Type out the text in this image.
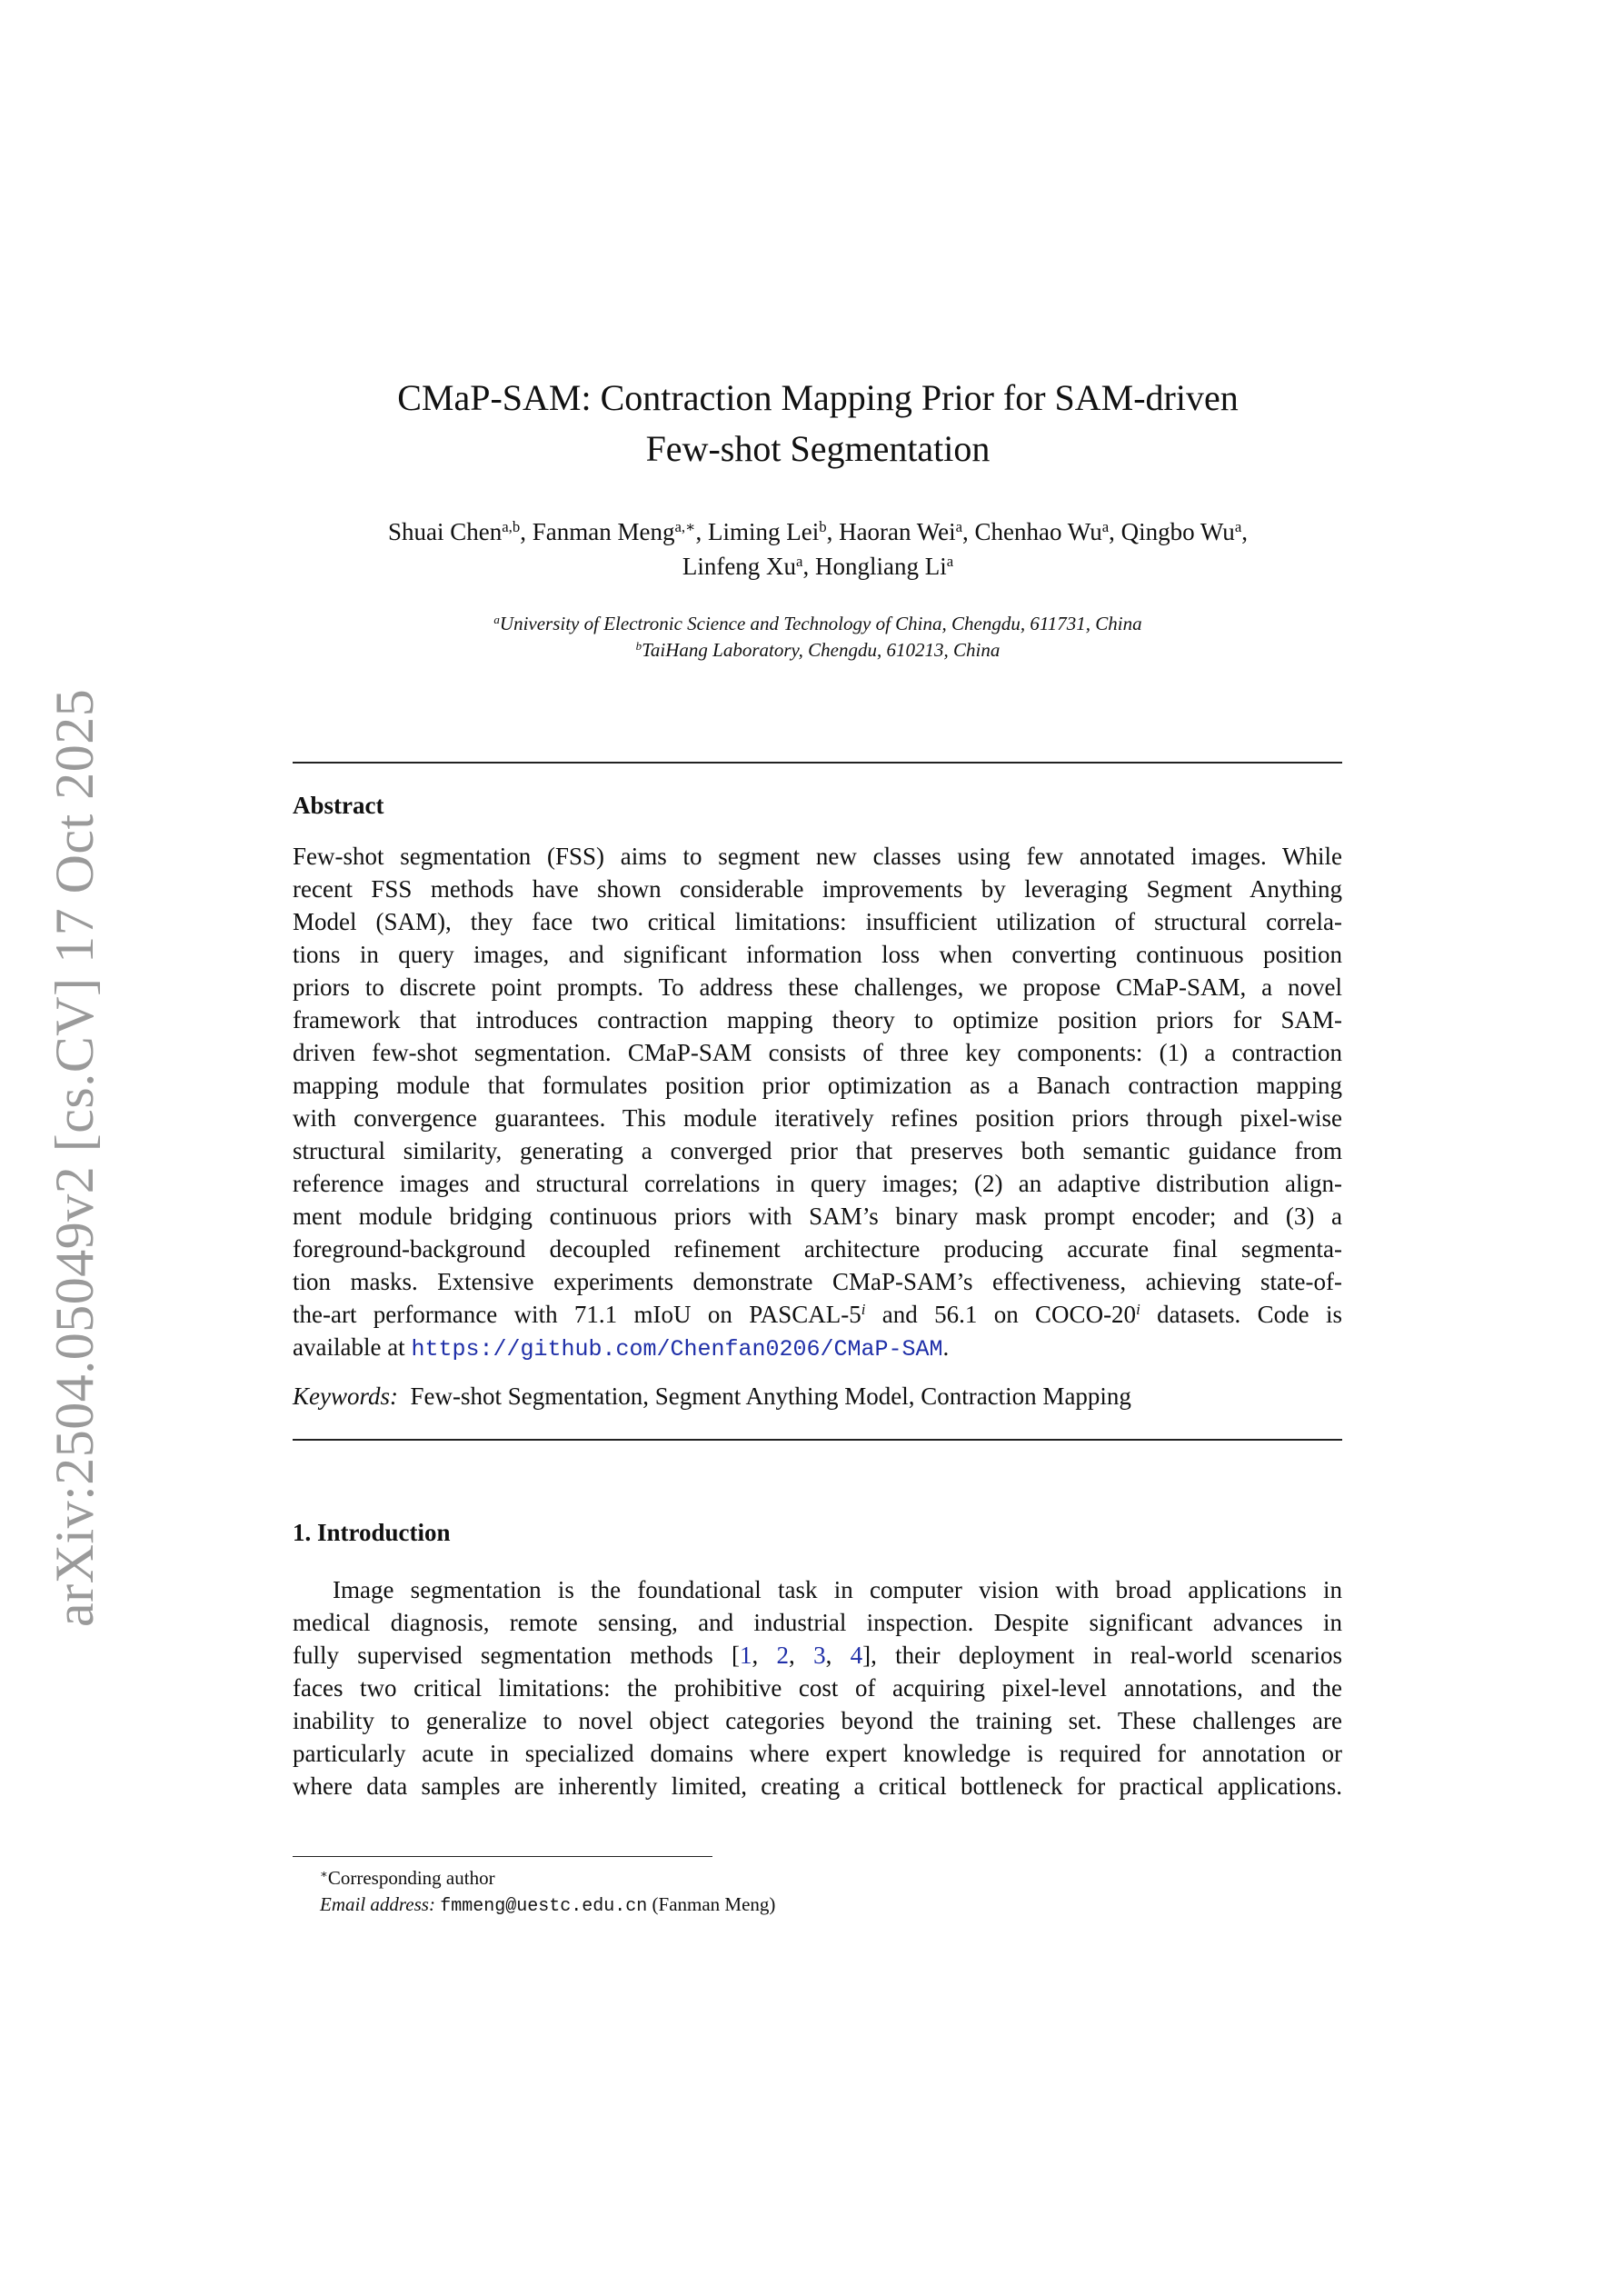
arXiv:2504.05049v2 [cs.CV] 17 Oct 2025
CMaP-SAM: Contraction Mapping Prior for SAM-driven
Few-shot Segmentation
Shuai Chen$^{a,b}$, Fanman Meng$^{a,∗}$, Liming Lei$^b$, Haoran Wei$^a$, Chenhao Wu$^a$, Qingbo Wu$^a$,
Linfeng Xu$^a$, Hongliang Li$^a$
$^a$University of Electronic Science and Technology of China, Chengdu, 611731, China
$^b$TaiHang Laboratory, Chengdu, 610213, China
Abstract
Few-shot segmentation (FSS) aims to segment new classes using few annotated images. While
recent FSS methods have shown considerable improvements by leveraging Segment Anything
Model (SAM), they face two critical limitations: insufficient utilization of structural correla-
tions in query images, and significant information loss when converting continuous position
priors to discrete point prompts. To address these challenges, we propose CMaP-SAM, a novel
framework that introduces contraction mapping theory to optimize position priors for SAM-
driven few-shot segmentation. CMaP-SAM consists of three key components: (1) a contraction
mapping module that formulates position prior optimization as a Banach contraction mapping
with convergence guarantees. This module iteratively refines position priors through pixel-wise
structural similarity, generating a converged prior that preserves both semantic guidance from
reference images and structural correlations in query images; (2) an adaptive distribution align-
ment module bridging continuous priors with SAM’s binary mask prompt encoder; and (3) a
foreground-background decoupled refinement architecture producing accurate final segmenta-
tion masks. Extensive experiments demonstrate CMaP-SAM’s effectiveness, achieving state-of-
the-art performance with 71.1 mIoU on PASCAL-5$^i$ and 56.1 on COCO-20$^i$ datasets. Code is
available at https://github.com/Chenfan0206/CMaP-SAM.
Keywords: Few-shot Segmentation, Segment Anything Model, Contraction Mapping
1. Introduction
Image segmentation is the foundational task in computer vision with broad applications in
medical diagnosis, remote sensing, and industrial inspection. Despite significant advances in
fully supervised segmentation methods [1, 2, 3, 4], their deployment in real-world scenarios
faces two critical limitations: the prohibitive cost of acquiring pixel-level annotations, and the
inability to generalize to novel object categories beyond the training set. These challenges are
particularly acute in specialized domains where expert knowledge is required for annotation or
where data samples are inherently limited, creating a critical bottleneck for practical applications.
∗Corresponding author
Email address: fmmeng@uestc.edu.cn (Fanman Meng)
